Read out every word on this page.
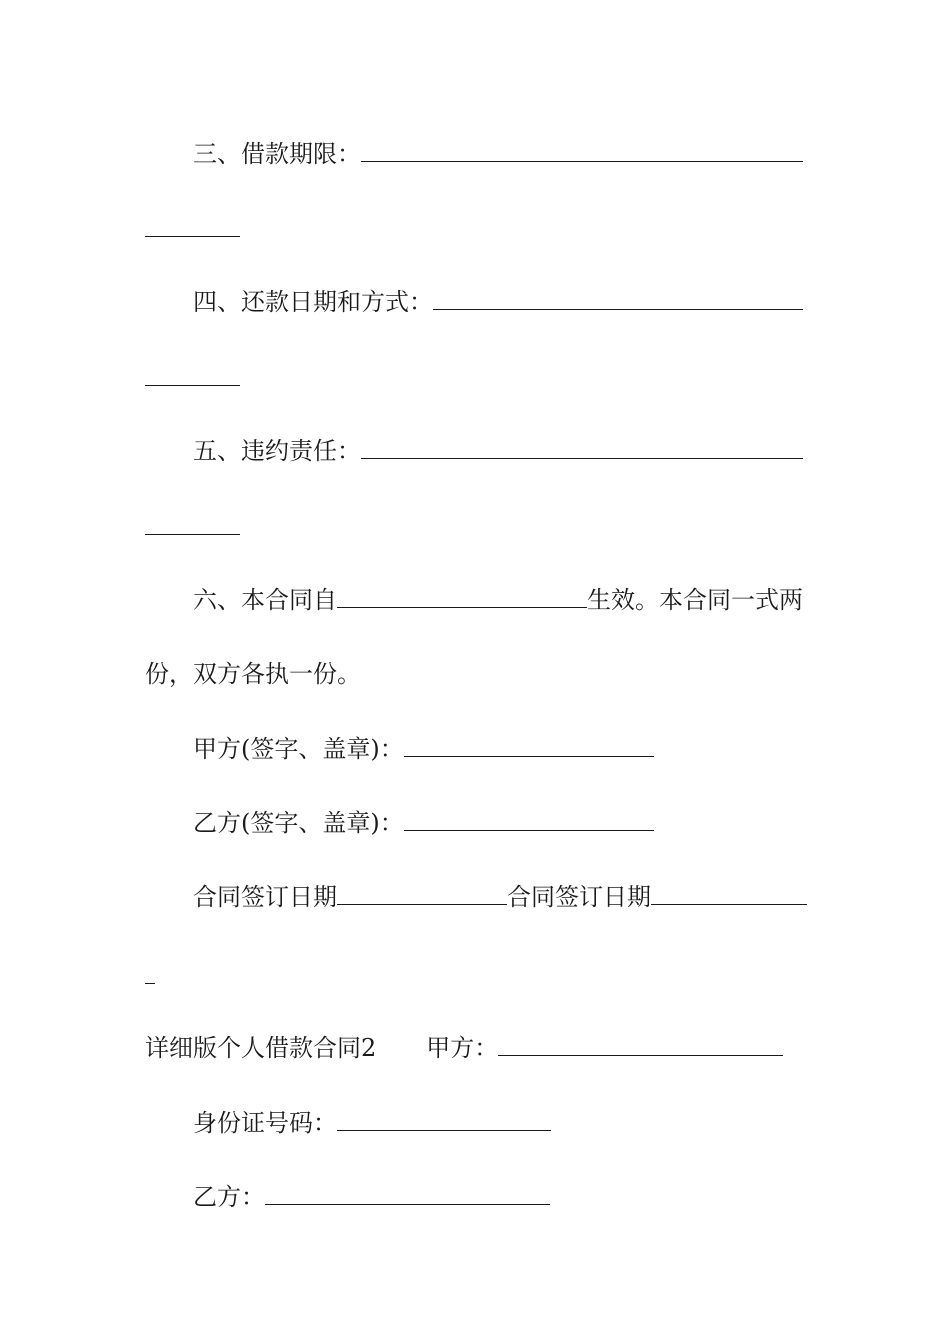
三、借款期限：
四、还款日期和方式：
五、违约责任：
六、本合同自	生效。本合同一式两
份，双方各执一份。
甲方(签字、盖章)：
乙方(签字、盖章)：
合同签订日期	合同签订日期
详细版个人借款合同2 甲方：
身份证号码：
乙方：
